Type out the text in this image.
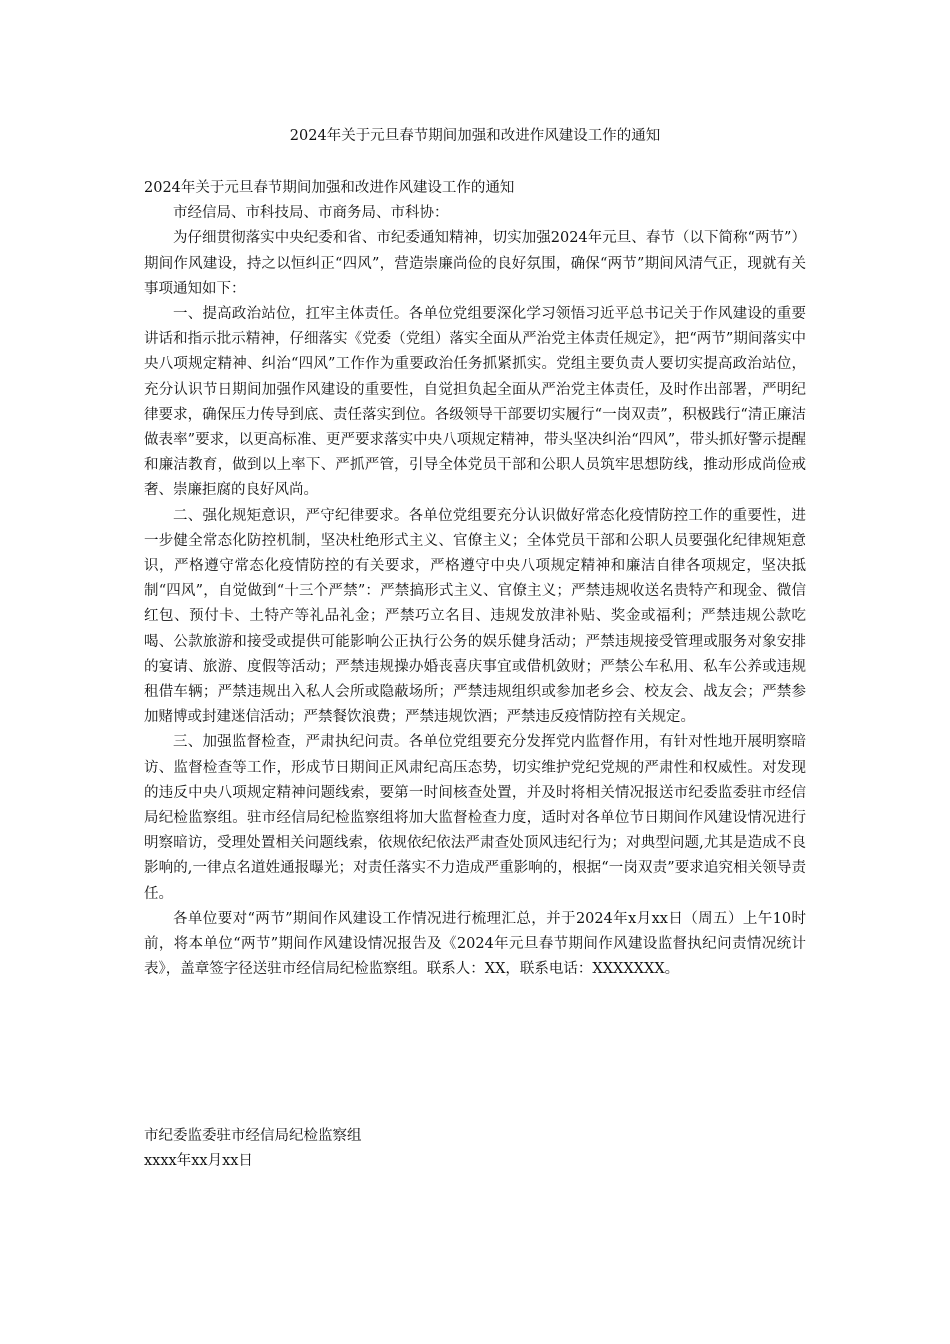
2024年关于元旦春节期间加强和改进作风建设工作的通知

2024年关于元旦春节期间加强和改进作风建设工作的通知

市经信局、市科技局、市商务局、市科协：

为仔细贯彻落实中央纪委和省、市纪委通知精神，切实加强2024年元旦、春节（以下简称“两节”）期间作风建设，持之以恒纠正“四风”，营造崇廉尚俭的良好氛围，确保“两节”期间风清气正，现就有关事项通知如下：

一、提高政治站位，扛牢主体责任。各单位党组要深化学习领悟习近平总书记关于作风建设的重要讲话和指示批示精神，仔细落实《党委（党组）落实全面从严治党主体责任规定》，把“两节”期间落实中央八项规定精神、纠治“四风”工作作为重要政治任务抓紧抓实。党组主要负责人要切实提高政治站位，充分认识节日期间加强作风建设的重要性，自觉担负起全面从严治党主体责任，及时作出部署，严明纪律要求，确保压力传导到底、责任落实到位。各级领导干部要切实履行“一岗双责”，积极践行“清正廉洁做表率”要求，以更高标准、更严要求落实中央八项规定精神，带头坚决纠治“四风”，带头抓好警示提醒和廉洁教育，做到以上率下、严抓严管，引导全体党员干部和公职人员筑牢思想防线，推动形成尚俭戒奢、崇廉拒腐的良好风尚。

二、强化规矩意识，严守纪律要求。各单位党组要充分认识做好常态化疫情防控工作的重要性，进一步健全常态化防控机制，坚决杜绝形式主义、官僚主义；全体党员干部和公职人员要强化纪律规矩意识，严格遵守常态化疫情防控的有关要求，严格遵守中央八项规定精神和廉洁自律各项规定，坚决抵制“四风”，自觉做到“十三个严禁”：严禁搞形式主义、官僚主义；严禁违规收送名贵特产和现金、微信红包、预付卡、土特产等礼品礼金；严禁巧立名目、违规发放津补贴、奖金或福利；严禁违规公款吃喝、公款旅游和接受或提供可能影响公正执行公务的娱乐健身活动；严禁违规接受管理或服务对象安排的宴请、旅游、度假等活动；严禁违规操办婚丧喜庆事宜或借机敛财；严禁公车私用、私车公养或违规租借车辆；严禁违规出入私人会所或隐蔽场所；严禁违规组织或参加老乡会、校友会、战友会；严禁参加赌博或封建迷信活动；严禁餐饮浪费；严禁违规饮酒；严禁违反疫情防控有关规定。

三、加强监督检查，严肃执纪问责。各单位党组要充分发挥党内监督作用，有针对性地开展明察暗访、监督检查等工作，形成节日期间正风肃纪高压态势，切实维护党纪党规的严肃性和权威性。对发现的违反中央八项规定精神问题线索，要第一时间核查处置，并及时将相关情况报送市纪委监委驻市经信局纪检监察组。驻市经信局纪检监察组将加大监督检查力度，适时对各单位节日期间作风建设情况进行明察暗访，受理处置相关问题线索，依规依纪依法严肃查处顶风违纪行为；对典型问题,尤其是造成不良影响的,一律点名道姓通报曝光；对责任落实不力造成严重影响的，根据“一岗双责”要求追究相关领导责任。

各单位要对“两节”期间作风建设工作情况进行梳理汇总，并于2024年x月xx日（周五）上午10时前，将本单位“两节”期间作风建设情况报告及《2024年元旦春节期间作风建设监督执纪问责情况统计表》，盖章签字径送驻市经信局纪检监察组。联系人：XX，联系电话：XXXXXXX。

市纪委监委驻市经信局纪检监察组

xxxx年xx月xx日
